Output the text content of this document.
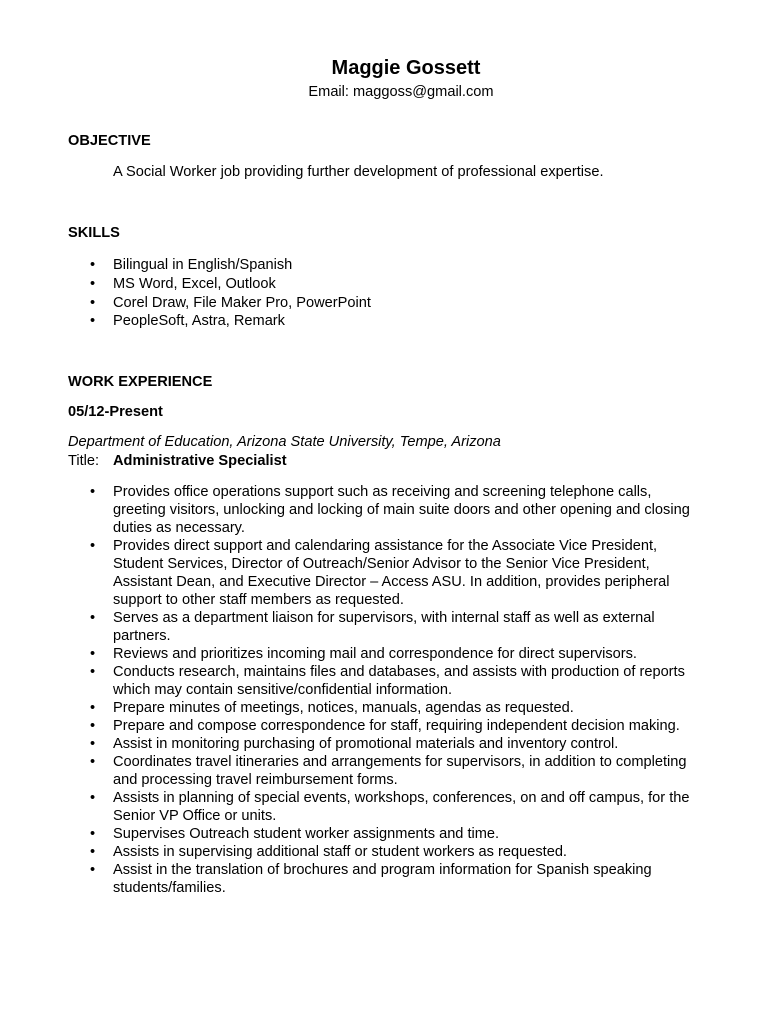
Maggie Gossett
Email: maggoss@gmail.com
OBJECTIVE
A Social Worker job providing further development of professional expertise.
SKILLS
• Bilingual in English/Spanish
• MS Word, Excel, Outlook
• Corel Draw, File Maker Pro, PowerPoint
• PeopleSoft, Astra, Remark
WORK EXPERIENCE
05/12-Present
Department of Education, Arizona State University, Tempe, Arizona
Title: Administrative Specialist
• Provides office operations support such as receiving and screening telephone calls, greeting visitors, unlocking and locking of main suite doors and other opening and closing duties as necessary.
• Provides direct support and calendaring assistance for the Associate Vice President, Student Services, Director of Outreach/Senior Advisor to the Senior Vice President, Assistant Dean, and Executive Director – Access ASU. In addition, provides peripheral support to other staff members as requested.
• Serves as a department liaison for supervisors, with internal staff as well as external partners.
• Reviews and prioritizes incoming mail and correspondence for direct supervisors.
• Conducts research, maintains files and databases, and assists with production of reports which may contain sensitive/confidential information.
• Prepare minutes of meetings, notices, manuals, agendas as requested.
• Prepare and compose correspondence for staff, requiring independent decision making.
• Assist in monitoring purchasing of promotional materials and inventory control.
• Coordinates travel itineraries and arrangements for supervisors, in addition to completing and processing travel reimbursement forms.
• Assists in planning of special events, workshops, conferences, on and off campus, for the Senior VP Office or units.
• Supervises Outreach student worker assignments and time.
• Assists in supervising additional staff or student workers as requested.
• Assist in the translation of brochures and program information for Spanish speaking students/families.
